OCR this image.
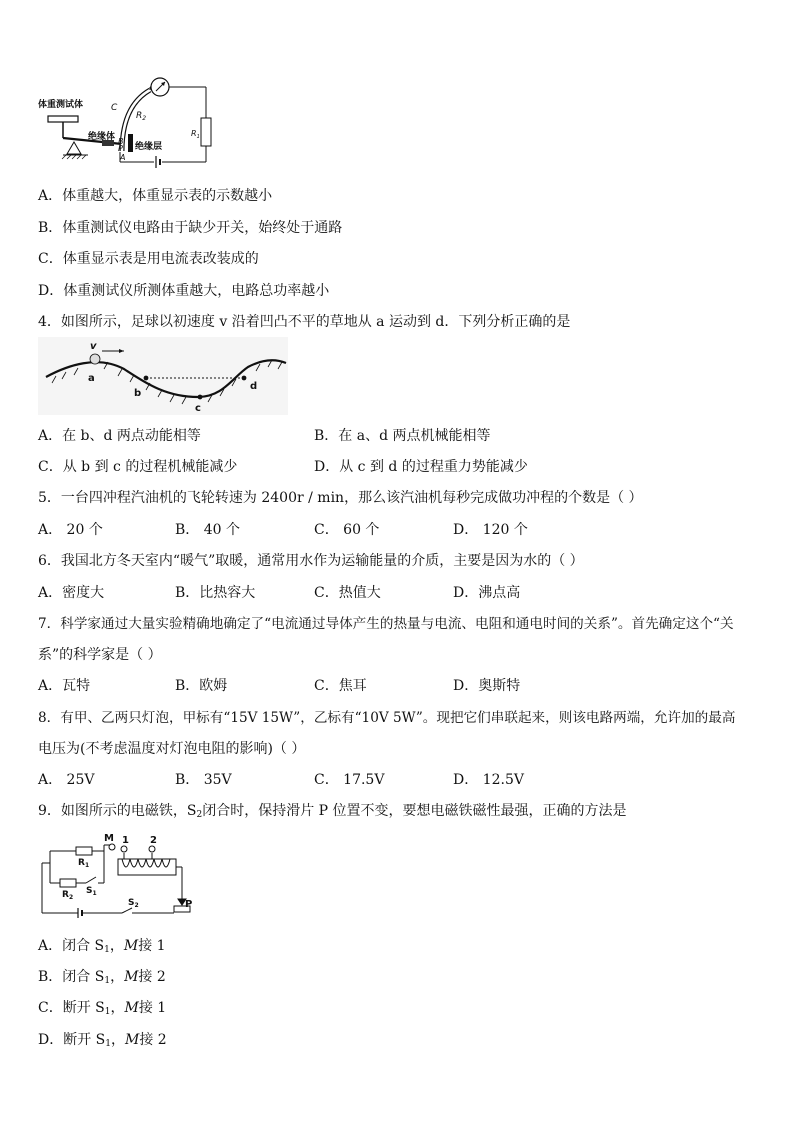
体重测试体
绝缘体
绝缘层
C
$R_2$
B
P
A
$R_1$
A．体重越大，体重显示表的示数越小
B．体重测试仪电路由于缺少开关，始终处于通路
C．体重显示表是用电流表改装成的
D．体重测试仪所测体重越大，电路总功率越小
4．如图所示，足球以初速度 v 沿着凹凸不平的草地从 a 运动到 d．下列分析正确的是
v
a
b
c
d
A．在 b、d 两点动能相等	B．在 a、d 两点机械能相等
C．从 b 到 c 的过程机械能减少	D．从 c 到 d 的过程重力势能减少
5．一台四冲程汽油机的飞轮转速为 2400r / min，那么该汽油机每秒完成做功冲程的个数是（ ）
A． 20 个	B． 40 个	C． 60 个	D． 120 个
6．我国北方冬天室内“暖气”取暖，通常用水作为运输能量的介质，主要是因为水的（ ）
A．密度大	B．比热容大	C．热值大	D．沸点高
7．科学家通过大量实验精确地确定了“电流通过导体产生的热量与电流、电阻和通电时间的关系”。首先确定这个“关
系”的科学家是（ ）
A．瓦特	B．欧姆	C．焦耳	D．奥斯特
8．有甲、乙两只灯泡，甲标有“15V 15W”，乙标有“10V 5W”。现把它们串联起来，则该电路两端，允许加的最高
电压为(不考虑温度对灯泡电阻的影响)（ ）
A． 25V	B． 35V	C． 17.5V	D． 12.5V
9．如图所示的电磁铁，$S_2$闭合时，保持滑片 P 位置不变，要想电磁铁磁性最强，正确的方法是
M 1 2
$R_1$
$R_2$
$S_1$
$S_2$	P
A．闭合 $S_1$，M接 1
B．闭合 $S_1$，M接 2
C．断开 $S_1$，M接 1
D．断开 $S_1$，M接 2
